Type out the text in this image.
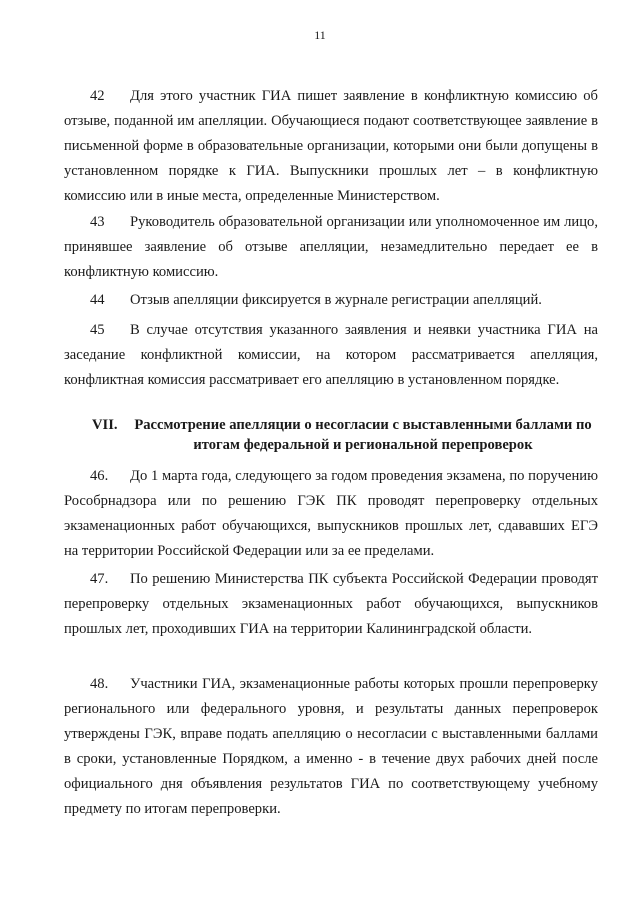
11
42 Для этого участник ГИА пишет заявление в конфликтную комиссию об отзыве, поданной им апелляции. Обучающиеся подают соответствующее заявление в письменной форме в образовательные организации, которыми они были допущены в установленном порядке к ГИА. Выпускники прошлых лет – в конфликтную комиссию или в иные места, определенные Министерством.
43 Руководитель образовательной организации или уполномоченное им лицо, принявшее заявление об отзыве апелляции, незамедлительно передает ее в конфликтную комиссию.
44 Отзыв апелляции фиксируется в журнале регистрации апелляций.
45 В случае отсутствия указанного заявления и неявки участника ГИА на заседание конфликтной комиссии, на котором рассматривается апелляция, конфликтная комиссия рассматривает его апелляцию в установленном порядке.
VII. Рассмотрение апелляции о несогласии с выставленными баллами по итогам федеральной и региональной перепроверок
46. До 1 марта года, следующего за годом проведения экзамена, по поручению Рособрнадзора или по решению ГЭК ПК проводят перепроверку отдельных экзаменационных работ обучающихся, выпускников прошлых лет, сдававших ЕГЭ на территории Российской Федерации или за ее пределами.
47. По решению Министерства ПК субъекта Российской Федерации проводят перепроверку отдельных экзаменационных работ обучающихся, выпускников прошлых лет, проходивших ГИА на территории Калининградской области.
48. Участники ГИА, экзаменационные работы которых прошли перепроверку регионального или федерального уровня, и результаты данных перепроверок утверждены ГЭК, вправе подать апелляцию о несогласии с выставленными баллами в сроки, установленные Порядком, а именно - в течение двух рабочих дней после официального дня объявления результатов ГИА по соответствующему учебному предмету по итогам перепроверки.
